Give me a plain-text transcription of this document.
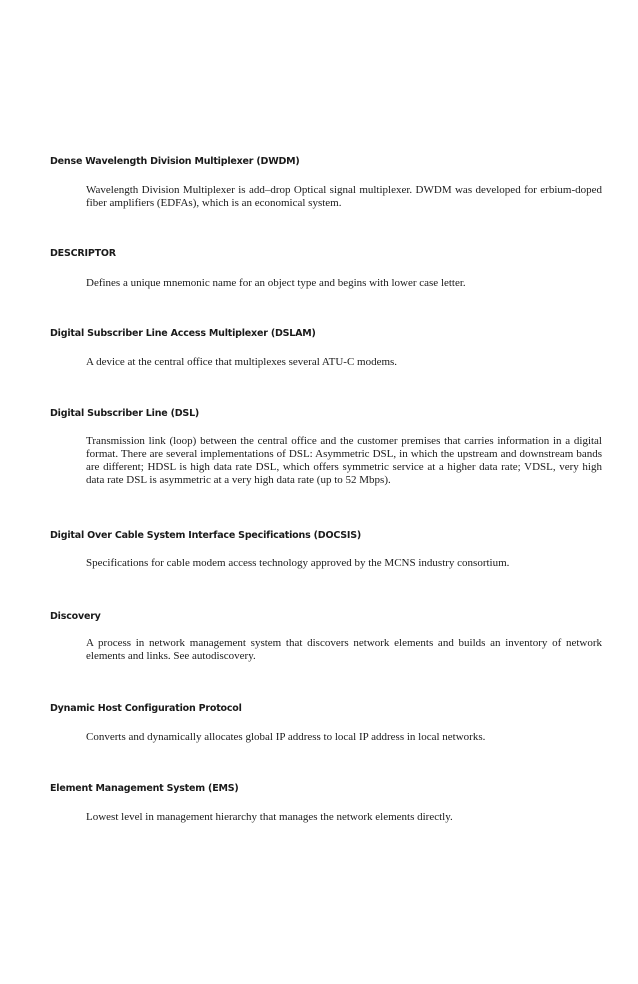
Dense Wavelength Division Multiplexer (DWDM)
Wavelength Division Multiplexer is add–drop Optical signal multiplexer. DWDM was developed for erbium-doped fiber amplifiers (EDFAs), which is an economical system.
DESCRIPTOR
Defines a unique mnemonic name for an object type and begins with lower case letter.
Digital Subscriber Line Access Multiplexer (DSLAM)
A device at the central office that multiplexes several ATU-C modems.
Digital Subscriber Line (DSL)
Transmission link (loop) between the central office and the customer premises that carries information in a digital format. There are several implementations of DSL: Asymmetric DSL, in which the upstream and downstream bands are different; HDSL is high data rate DSL, which offers symmetric service at a higher data rate; VDSL, very high data rate DSL is asymmetric at a very high data rate (up to 52 Mbps).
Digital Over Cable System Interface Specifications (DOCSIS)
Specifications for cable modem access technology approved by the MCNS industry consortium.
Discovery
A process in network management system that discovers network elements and builds an inventory of network elements and links. See autodiscovery.
Dynamic Host Configuration Protocol
Converts and dynamically allocates global IP address to local IP address in local networks.
Element Management System (EMS)
Lowest level in management hierarchy that manages the network elements directly.
